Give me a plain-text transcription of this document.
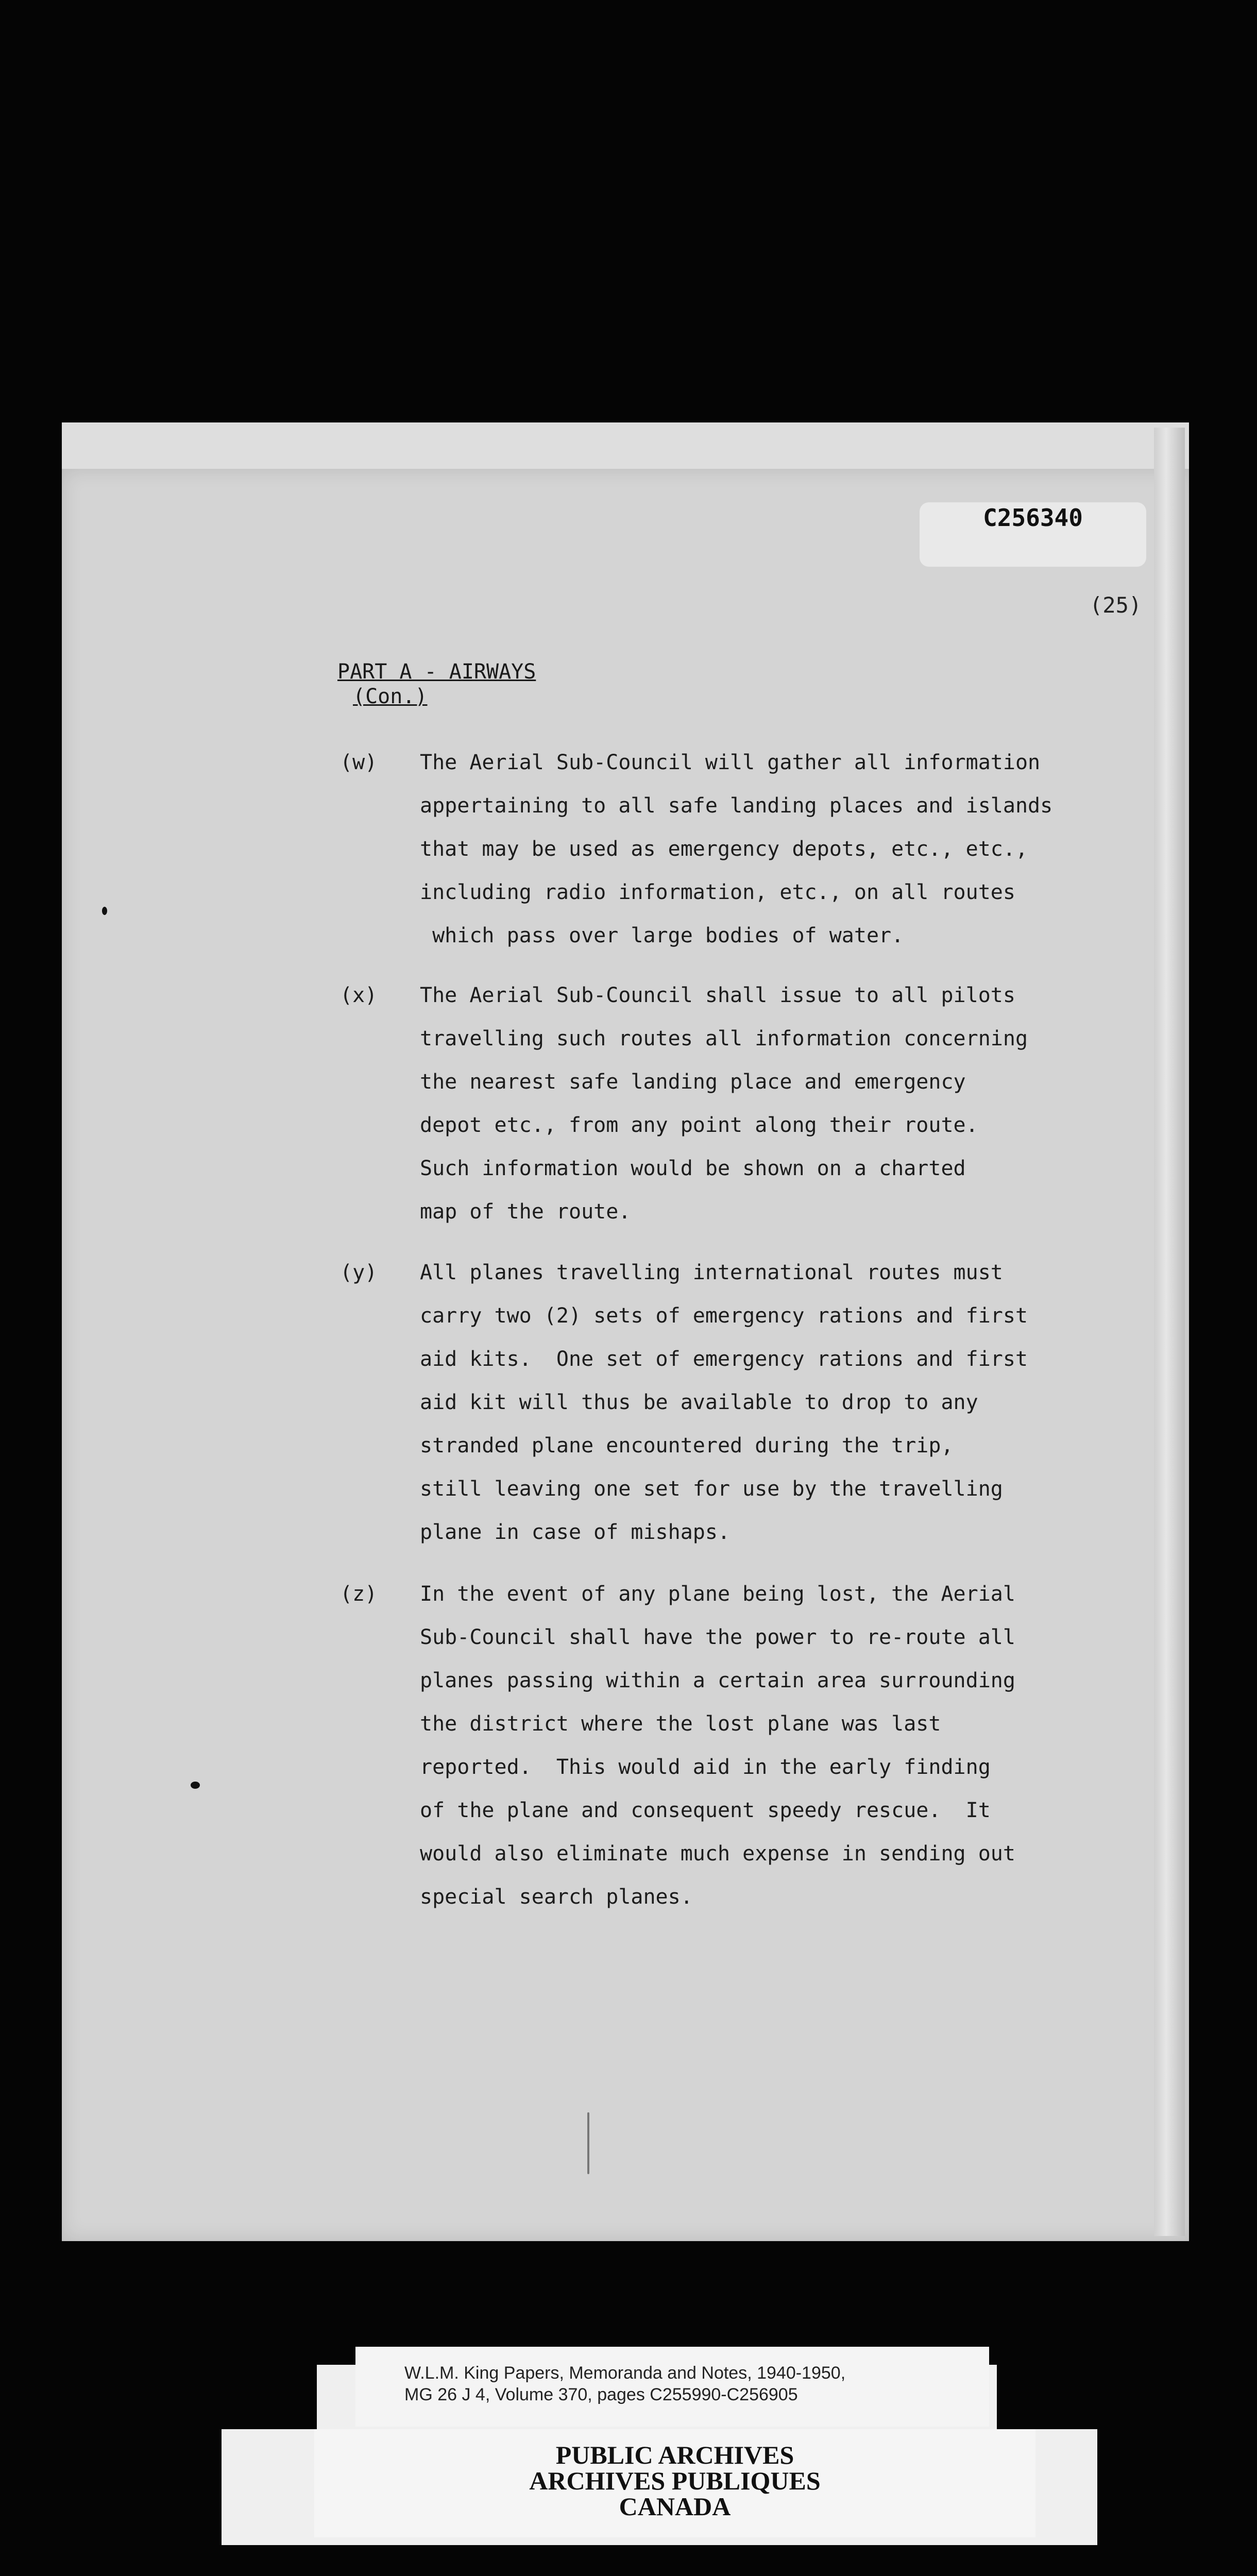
C256340
(25)
PART A - AIRWAYS
(Con.)
(w) The Aerial Sub-Council will gather all information
appertaining to all safe landing places and islands
that may be used as emergency depots, etc., etc.,
including radio information, etc., on all routes
which pass over large bodies of water.
(x) The Aerial Sub-Council shall issue to all pilots
travelling such routes all information concerning
the nearest safe landing place and emergency
depot etc., from any point along their route.
Such information would be shown on a charted
map of the route.
(y) All planes travelling international routes must
carry two (2) sets of emergency rations and first
aid kits.  One set of emergency rations and first
aid kit will thus be available to drop to any
stranded plane encountered during the trip,
still leaving one set for use by the travelling
plane in case of mishaps.
(z) In the event of any plane being lost, the Aerial
Sub-Council shall have the power to re-route all
planes passing within a certain area surrounding
the district where the lost plane was last
reported.  This would aid in the early finding
of the plane and consequent speedy rescue.  It
would also eliminate much expense in sending out
special search planes.
W.L.M. King Papers, Memoranda and Notes, 1940-1950,
MG 26 J 4, Volume 370, pages C255990-C256905
PUBLIC ARCHIVES
ARCHIVES PUBLIQUES
CANADA
